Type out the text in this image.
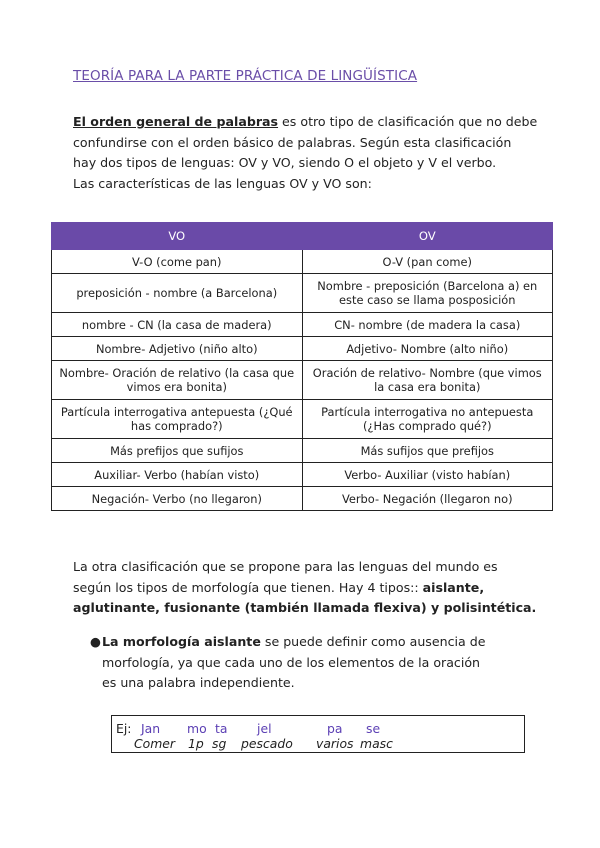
TEORÍA PARA LA PARTE PRÁCTICA DE LINGÜÍSTICA
El orden general de palabras es otro tipo de clasificación que no debe
confundirse con el orden básico de palabras. Según esta clasificación
hay dos tipos de lenguas: OV y VO, siendo O el objeto y V el verbo.
Las características de las lenguas OV y VO son:
VO	OV
V-O (come pan)	O-V (pan come)
preposición - nombre (a Barcelona)	Nombre - preposición (Barcelona a) en este caso se llama posposición
nombre - CN (la casa de madera)	CN- nombre (de madera la casa)
Nombre- Adjetivo (niño alto)	Adjetivo- Nombre (alto niño)
Nombre- Oración de relativo (la casa que vimos era bonita)	Oración de relativo- Nombre (que vimos la casa era bonita)
Partícula interrogativa antepuesta (¿Qué has comprado?)	Partícula interrogativa no antepuesta (¿Has comprado qué?)
Más prefijos que sufijos	Más sufijos que prefijos
Auxiliar- Verbo (habían visto)	Verbo- Auxiliar (visto habían)
Negación- Verbo (no llegaron)	Verbo- Negación (llegaron no)
La otra clasificación que se propone para las lenguas del mundo es
según los tipos de morfología que tienen. Hay 4 tipos:: aislante,
aglutinante, fusionante (también llamada flexiva) y polisintética.
● La morfología aislante se puede definir como ausencia de
morfología, ya que cada uno de los elementos de la oración
es una palabra independiente.
Ej: Jan mo ta jel	pa se
Comer 1p sg pescado varios masc
